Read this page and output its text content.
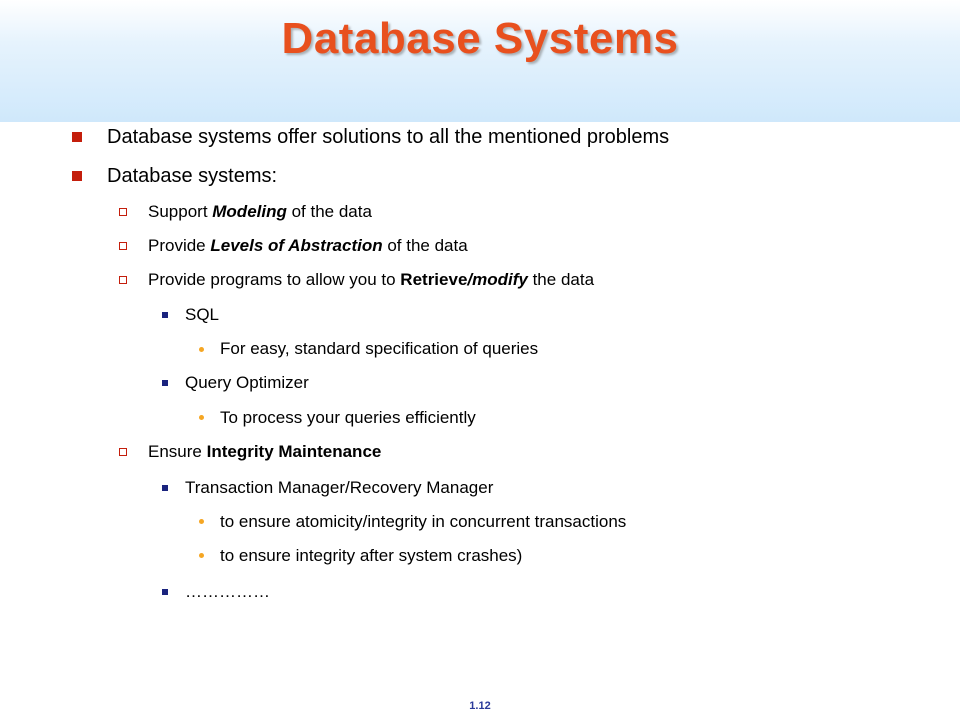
Database Systems
Database systems offer solutions to all the mentioned problems
Database systems:
Support Modeling of the data
Provide Levels of Abstraction of the data
Provide programs to allow you to Retrieve/modify the data
SQL
For easy, standard specification of queries
Query Optimizer
To process your queries efficiently
Ensure Integrity Maintenance
Transaction Manager/Recovery Manager
to ensure atomicity/integrity in concurrent transactions
to ensure integrity after system crashes)
……………
1.12
